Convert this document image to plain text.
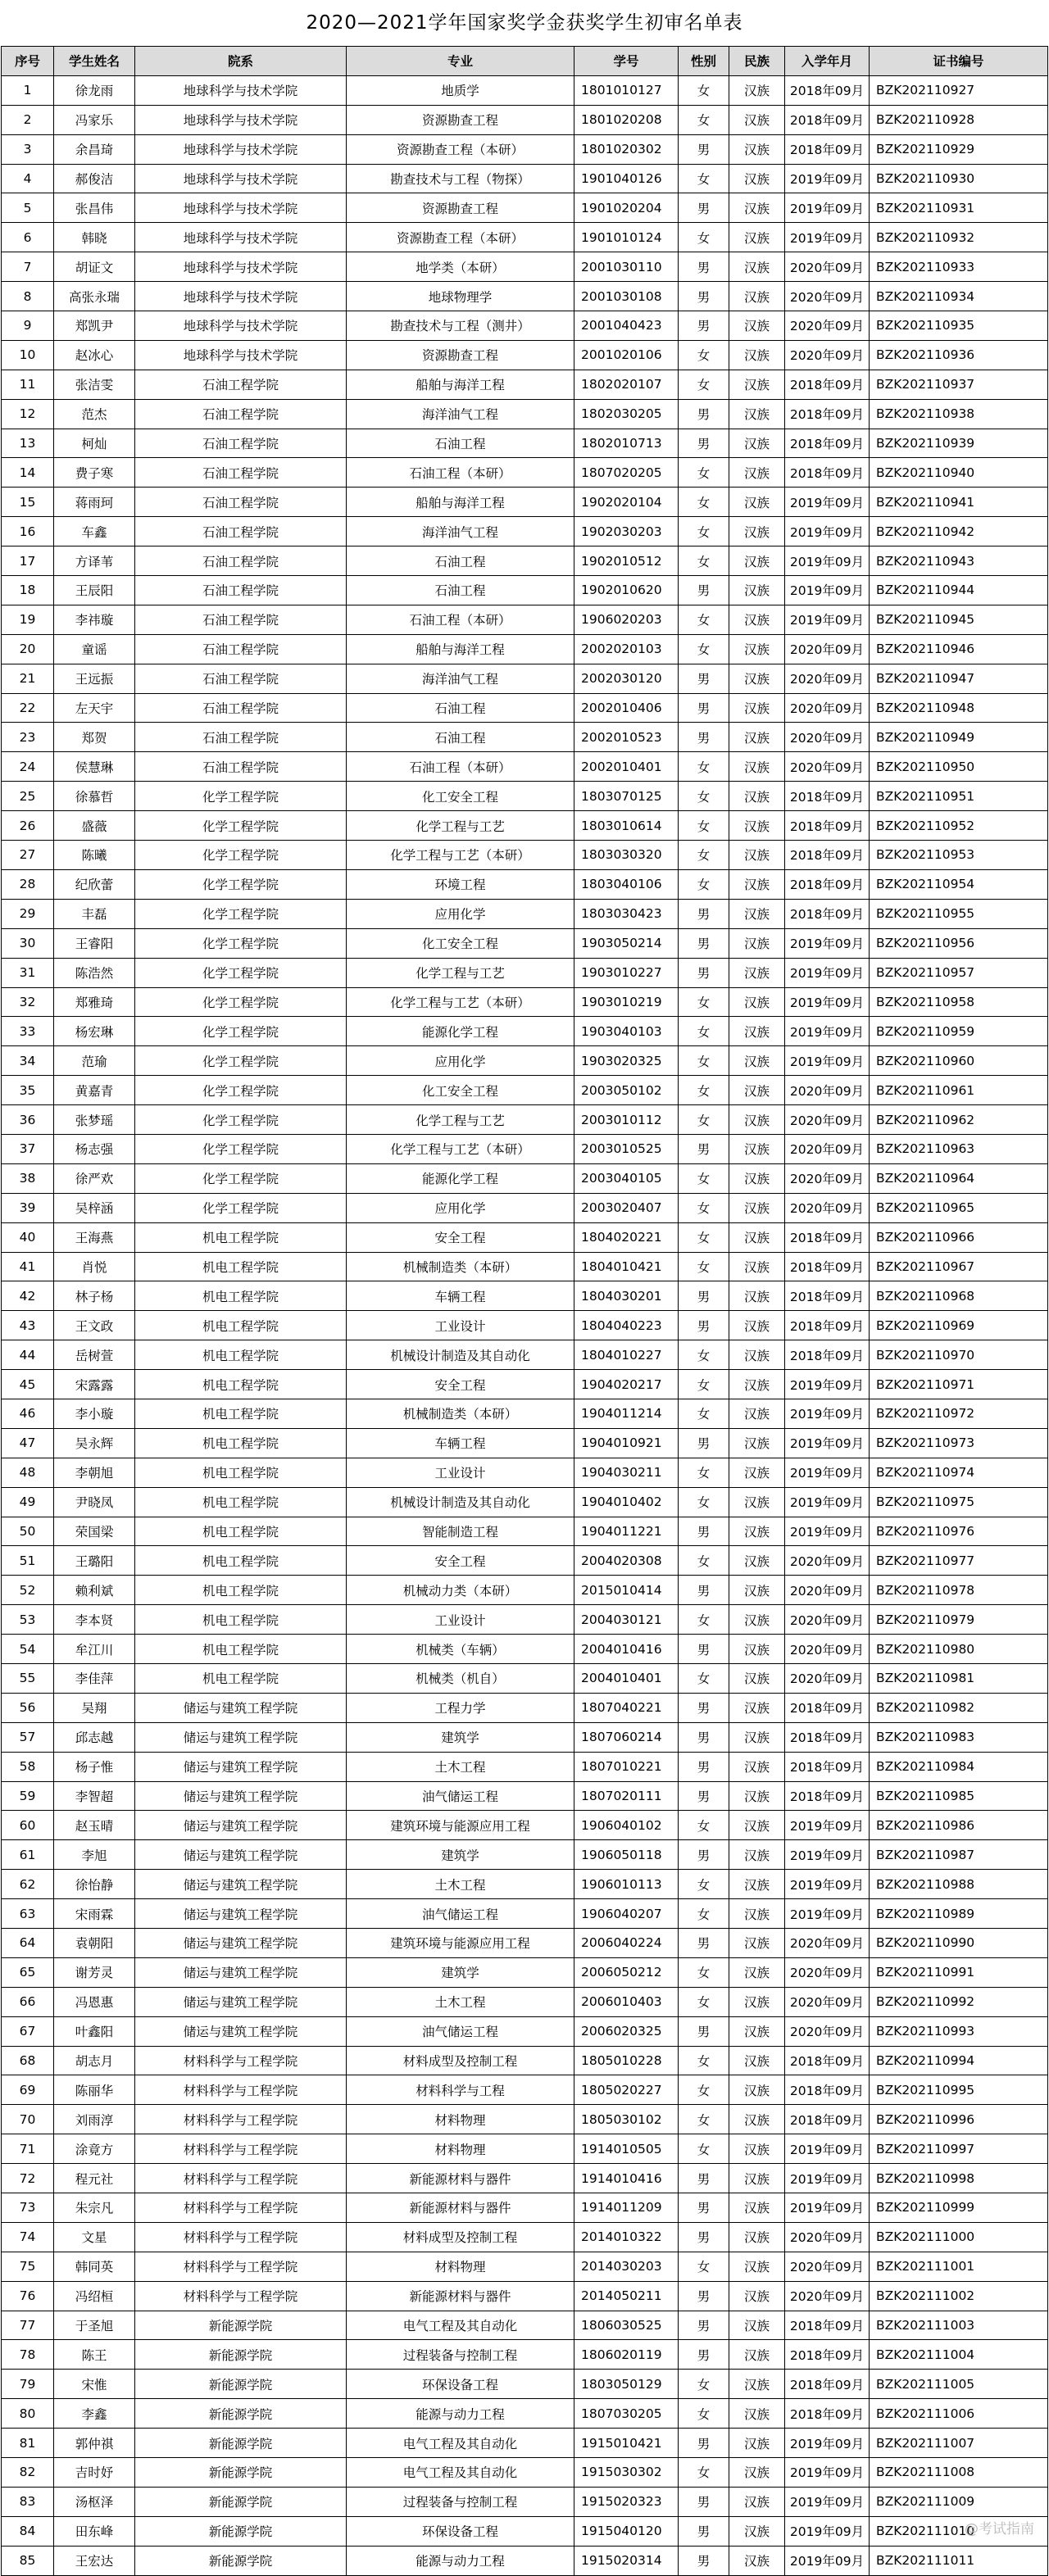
2020—2021学年国家奖学金获奖学生初审名单表
序号	学生姓名	院系	专业	学号	性别	民族	入学年月	证书编号
1	徐龙雨	地球科学与技术学院	地质学	1801010127	女	汉族	2018年09月	BZK202110927
2	冯家乐	地球科学与技术学院	资源勘查工程	1801020208	女	汉族	2018年09月	BZK202110928
3	余昌琦	地球科学与技术学院	资源勘查工程（本研）	1801020302	男	汉族	2018年09月	BZK202110929
4	郝俊洁	地球科学与技术学院	勘查技术与工程（物探）	1901040126	女	汉族	2019年09月	BZK202110930
5	张昌伟	地球科学与技术学院	资源勘查工程	1901020204	男	汉族	2019年09月	BZK202110931
6	韩晓	地球科学与技术学院	资源勘查工程（本研）	1901010124	女	汉族	2019年09月	BZK202110932
7	胡证文	地球科学与技术学院	地学类（本研）	2001030110	男	汉族	2020年09月	BZK202110933
8	高张永瑞	地球科学与技术学院	地球物理学	2001030108	男	汉族	2020年09月	BZK202110934
9	郑凯尹	地球科学与技术学院	勘查技术与工程（测井）	2001040423	男	汉族	2020年09月	BZK202110935
10	赵冰心	地球科学与技术学院	资源勘查工程	2001020106	女	汉族	2020年09月	BZK202110936
11	张洁雯	石油工程学院	船舶与海洋工程	1802020107	女	汉族	2018年09月	BZK202110937
12	范杰	石油工程学院	海洋油气工程	1802030205	男	汉族	2018年09月	BZK202110938
13	柯灿	石油工程学院	石油工程	1802010713	男	汉族	2018年09月	BZK202110939
14	费子寒	石油工程学院	石油工程（本研）	1807020205	女	汉族	2018年09月	BZK202110940
15	蒋雨珂	石油工程学院	船舶与海洋工程	1902020104	女	汉族	2019年09月	BZK202110941
16	车鑫	石油工程学院	海洋油气工程	1902030203	女	汉族	2019年09月	BZK202110942
17	方译苇	石油工程学院	石油工程	1902010512	女	汉族	2019年09月	BZK202110943
18	王辰阳	石油工程学院	石油工程	1902010620	男	汉族	2019年09月	BZK202110944
19	李祎璇	石油工程学院	石油工程（本研）	1906020203	女	汉族	2019年09月	BZK202110945
20	童谣	石油工程学院	船舶与海洋工程	2002020103	女	汉族	2020年09月	BZK202110946
21	王远振	石油工程学院	海洋油气工程	2002030120	男	汉族	2020年09月	BZK202110947
22	左天宇	石油工程学院	石油工程	2002010406	男	汉族	2020年09月	BZK202110948
23	郑贺	石油工程学院	石油工程	2002010523	男	汉族	2020年09月	BZK202110949
24	侯慧琳	石油工程学院	石油工程（本研）	2002010401	女	汉族	2020年09月	BZK202110950
25	徐慕哲	化学工程学院	化工安全工程	1803070125	女	汉族	2018年09月	BZK202110951
26	盛薇	化学工程学院	化学工程与工艺	1803010614	女	汉族	2018年09月	BZK202110952
27	陈曦	化学工程学院	化学工程与工艺（本研）	1803030320	女	汉族	2018年09月	BZK202110953
28	纪欣蕾	化学工程学院	环境工程	1803040106	女	汉族	2018年09月	BZK202110954
29	丰磊	化学工程学院	应用化学	1803030423	男	汉族	2018年09月	BZK202110955
30	王睿阳	化学工程学院	化工安全工程	1903050214	男	汉族	2019年09月	BZK202110956
31	陈浩然	化学工程学院	化学工程与工艺	1903010227	男	汉族	2019年09月	BZK202110957
32	郑雅琦	化学工程学院	化学工程与工艺（本研）	1903010219	女	汉族	2019年09月	BZK202110958
33	杨宏琳	化学工程学院	能源化学工程	1903040103	女	汉族	2019年09月	BZK202110959
34	范瑜	化学工程学院	应用化学	1903020325	女	汉族	2019年09月	BZK202110960
35	黄嘉青	化学工程学院	化工安全工程	2003050102	女	汉族	2020年09月	BZK202110961
36	张梦瑶	化学工程学院	化学工程与工艺	2003010112	女	汉族	2020年09月	BZK202110962
37	杨志强	化学工程学院	化学工程与工艺（本研）	2003010525	男	汉族	2020年09月	BZK202110963
38	徐严欢	化学工程学院	能源化学工程	2003040105	女	汉族	2020年09月	BZK202110964
39	吴梓涵	化学工程学院	应用化学	2003020407	女	汉族	2020年09月	BZK202110965
40	王海燕	机电工程学院	安全工程	1804020221	女	汉族	2018年09月	BZK202110966
41	肖悦	机电工程学院	机械制造类（本研）	1804010421	女	汉族	2018年09月	BZK202110967
42	林子杨	机电工程学院	车辆工程	1804030201	男	汉族	2018年09月	BZK202110968
43	王文政	机电工程学院	工业设计	1804040223	男	汉族	2018年09月	BZK202110969
44	岳树萱	机电工程学院	机械设计制造及其自动化	1804010227	女	汉族	2018年09月	BZK202110970
45	宋露露	机电工程学院	安全工程	1904020217	女	汉族	2019年09月	BZK202110971
46	李小璇	机电工程学院	机械制造类（本研）	1904011214	女	汉族	2019年09月	BZK202110972
47	吴永辉	机电工程学院	车辆工程	1904010921	男	汉族	2019年09月	BZK202110973
48	李朝旭	机电工程学院	工业设计	1904030211	女	汉族	2019年09月	BZK202110974
49	尹晓凤	机电工程学院	机械设计制造及其自动化	1904010402	女	汉族	2019年09月	BZK202110975
50	荣国梁	机电工程学院	智能制造工程	1904011221	男	汉族	2019年09月	BZK202110976
51	王璐阳	机电工程学院	安全工程	2004020308	女	汉族	2020年09月	BZK202110977
52	赖利斌	机电工程学院	机械动力类（本研）	2015010414	男	汉族	2020年09月	BZK202110978
53	李本贤	机电工程学院	工业设计	2004030121	女	汉族	2020年09月	BZK202110979
54	牟江川	机电工程学院	机械类（车辆）	2004010416	男	汉族	2020年09月	BZK202110980
55	李佳萍	机电工程学院	机械类（机自）	2004010401	女	汉族	2020年09月	BZK202110981
56	吴翔	储运与建筑工程学院	工程力学	1807040221	男	汉族	2018年09月	BZK202110982
57	邱志越	储运与建筑工程学院	建筑学	1807060214	男	汉族	2018年09月	BZK202110983
58	杨子惟	储运与建筑工程学院	土木工程	1807010221	男	汉族	2018年09月	BZK202110984
59	李智超	储运与建筑工程学院	油气储运工程	1807020111	男	汉族	2018年09月	BZK202110985
60	赵玉晴	储运与建筑工程学院	建筑环境与能源应用工程	1906040102	女	汉族	2019年09月	BZK202110986
61	李旭	储运与建筑工程学院	建筑学	1906050118	男	汉族	2019年09月	BZK202110987
62	徐怡静	储运与建筑工程学院	土木工程	1906010113	女	汉族	2019年09月	BZK202110988
63	宋雨霖	储运与建筑工程学院	油气储运工程	1906040207	女	汉族	2019年09月	BZK202110989
64	袁朝阳	储运与建筑工程学院	建筑环境与能源应用工程	2006040224	男	汉族	2020年09月	BZK202110990
65	谢芳灵	储运与建筑工程学院	建筑学	2006050212	女	汉族	2020年09月	BZK202110991
66	冯恩惠	储运与建筑工程学院	土木工程	2006010403	女	汉族	2020年09月	BZK202110992
67	叶鑫阳	储运与建筑工程学院	油气储运工程	2006020325	男	汉族	2020年09月	BZK202110993
68	胡志月	材料科学与工程学院	材料成型及控制工程	1805010228	女	汉族	2018年09月	BZK202110994
69	陈丽华	材料科学与工程学院	材料科学与工程	1805020227	女	汉族	2018年09月	BZK202110995
70	刘雨淳	材料科学与工程学院	材料物理	1805030102	女	汉族	2018年09月	BZK202110996
71	涂竟方	材料科学与工程学院	材料物理	1914010505	女	汉族	2019年09月	BZK202110997
72	程元社	材料科学与工程学院	新能源材料与器件	1914010416	男	汉族	2019年09月	BZK202110998
73	朱宗凡	材料科学与工程学院	新能源材料与器件	1914011209	男	汉族	2019年09月	BZK202110999
74	文星	材料科学与工程学院	材料成型及控制工程	2014010322	男	汉族	2020年09月	BZK202111000
75	韩同英	材料科学与工程学院	材料物理	2014030203	女	汉族	2020年09月	BZK202111001
76	冯绍桓	材料科学与工程学院	新能源材料与器件	2014050211	男	汉族	2020年09月	BZK202111002
77	于圣旭	新能源学院	电气工程及其自动化	1806030525	男	汉族	2018年09月	BZK202111003
78	陈王	新能源学院	过程装备与控制工程	1806020119	男	汉族	2018年09月	BZK202111004
79	宋惟	新能源学院	环保设备工程	1803050129	女	汉族	2018年09月	BZK202111005
80	李鑫	新能源学院	能源与动力工程	1807030205	女	汉族	2018年09月	BZK202111006
81	郭仲祺	新能源学院	电气工程及其自动化	1915010421	男	汉族	2019年09月	BZK202111007
82	吉时妤	新能源学院	电气工程及其自动化	1915030302	女	汉族	2019年09月	BZK202111008
83	汤枢泽	新能源学院	过程装备与控制工程	1915020323	男	汉族	2019年09月	BZK202111009
84	田东峰	新能源学院	环保设备工程	1915040120	男	汉族	2019年09月	BZK202111010
85	王宏达	新能源学院	能源与动力工程	1915020314	男	汉族	2019年09月	BZK202111011
@考试指南
